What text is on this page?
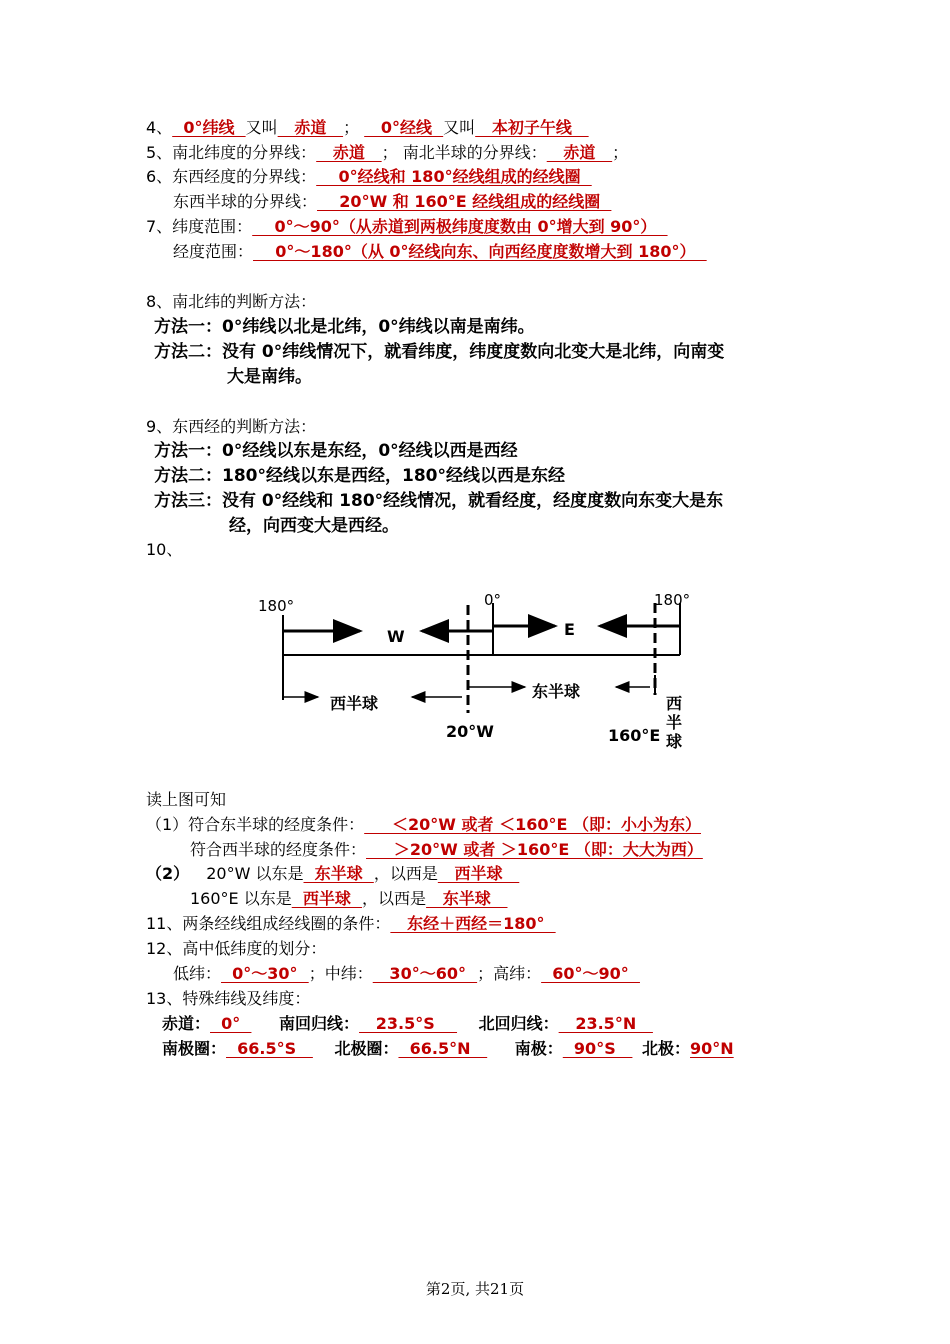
4、  0°纬线  又叫   赤道   ；    0°经线  又叫   本初子午线
5、南北纬度的分界线：   赤道   ； 南北半球的分界线：   赤道   ；
6、东西经度的分界线：    0°经线和 180°经线组成的经线圈
东西半球的分界线：    20°W 和 160°E 经线组成的经线圈
7、纬度范围：    0°～90°（从赤道到两极纬度度数由 0°增大到 90°）
经度范围：    0°～180°（从 0°经线向东、向西经度度数增大到 180°）
8、南北纬的判断方法：
方法一：0°纬线以北是北纬，0°纬线以南是南纬。
方法二：没有 0°纬线情况下，就看纬度，纬度度数向北变大是北纬，向南变
大是南纬。
9、东西经的判断方法：
方法一：0°经线以东是东经，0°经线以西是西经
方法二：180°经线以东是西经，180°经线以西是东经
方法三：没有 0°经线和 180°经线情况，就看经度，经度度数向东变大是东
经，向西变大是西经。
10、
180°	0°	180°
W	E
西半球
东半球
20°W	160°E
西
半
球
读上图可知
（1）符合东半球的经度条件：     ＜20°W 或者 ＜160°E （即：小小为东）
符合西半球的经度条件：     ＞20°W 或者 ＞160°E （即：大大为西）
（2） 20°W 以东是  东半球  ，以西是   西半球
160°E 以东是  西半球  ，以西是   东半球
11、两条经线组成经线圈的条件：   东经＋西经＝180°
12、高中低纬度的划分：
低纬：  0°～30°  ；中纬：   30°～60°  ；高纬：  60°～90°
13、特殊纬线及纬度：
赤道：  0°   南回归线：   23.5°S     北回归线：   23.5°N
南极圈：  66.5°S    北极圈：  66.5°N    南极：  90°S    北极：90°N
第2页, 共21页
